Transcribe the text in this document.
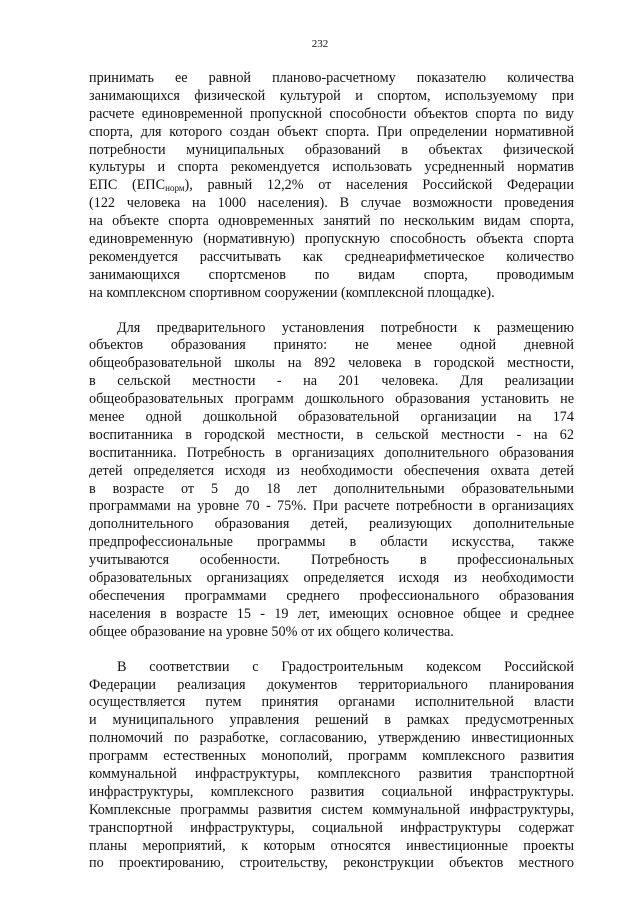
232
принимать ее равной планово-расчетному показателю количества
занимающихся физической культурой и спортом, используемому при
расчете единовременной пропускной способности объектов спорта по виду
спорта, для которого создан объект спорта. При определении нормативной
потребности муниципальных образований в объектах физической
культуры и спорта рекомендуется использовать усредненный норматив
ЕПС $(ЕПС_{норм})$, равный 12,2% от населения Российской Федерации
(122 человека на 1000 населения). В случае возможности проведения
на объекте спорта одновременных занятий по нескольким видам спорта,
единовременную (нормативную) пропускную способность объекта спорта
рекомендуется рассчитывать как среднеарифметическое количество
занимающихся спортсменов по видам спорта, проводимым
на комплексном спортивном сооружении (комплексной площадке).
Для предварительного установления потребности к размещению
объектов образования принято: не менее одной дневной
общеобразовательной школы на 892 человека в городской местности,
в сельской местности - на 201 человека. Для реализации
общеобразовательных программ дошкольного образования установить не
менее одной дошкольной образовательной организации на 174
воспитанника в городской местности, в сельской местности - на 62
воспитанника. Потребность в организациях дополнительного образования
детей определяется исходя из необходимости обеспечения охвата детей
в возрасте от 5 до 18 лет дополнительными образовательными
программами на уровне 70 - 75%. При расчете потребности в организациях
дополнительного образования детей, реализующих дополнительные
предпрофессиональные программы в области искусства, также
учитываются особенности. Потребность в профессиональных
образовательных организациях определяется исходя из необходимости
обеспечения программами среднего профессионального образования
населения в возрасте 15 - 19 лет, имеющих основное общее и среднее
общее образование на уровне 50% от их общего количества.
В соответствии с Градостроительным кодексом Российской
Федерации реализация документов территориального планирования
осуществляется путем принятия органами исполнительной власти
и муниципального управления решений в рамках предусмотренных
полномочий по разработке, согласованию, утверждению инвестиционных
программ естественных монополий, программ комплексного развития
коммунальной инфраструктуры, комплексного развития транспортной
инфраструктуры, комплексного развития социальной инфраструктуры.
Комплексные программы развития систем коммунальной инфраструктуры,
транспортной инфраструктуры, социальной инфраструктуры содержат
планы мероприятий, к которым относятся инвестиционные проекты
по проектированию, строительству, реконструкции объектов местного
